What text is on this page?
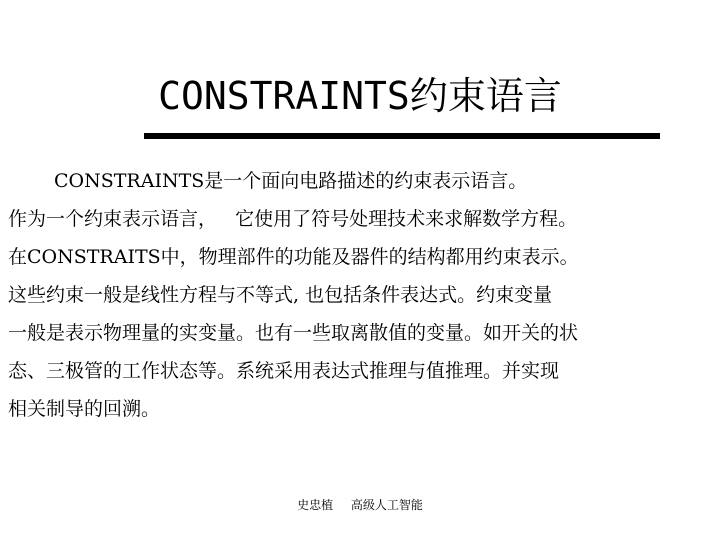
CONSTRAINTS约束语言
CONSTRAINTS是一个面向电路描述的约束表示语言。
作为一个约束表示语言，   它使用了符号处理技术来求解数学方程。
在CONSTRAITS中，物理部件的功能及器件的结构都用约束表示。
这些约束一般是线性方程与不等式, 也包括条件表达式。约束变量
一般是表示物理量的实变量。也有一些取离散值的变量。如开关的状
态、三极管的工作状态等。系统采用表达式推理与值推理。并实现
相关制导的回溯。
史忠植 高级人工智能
